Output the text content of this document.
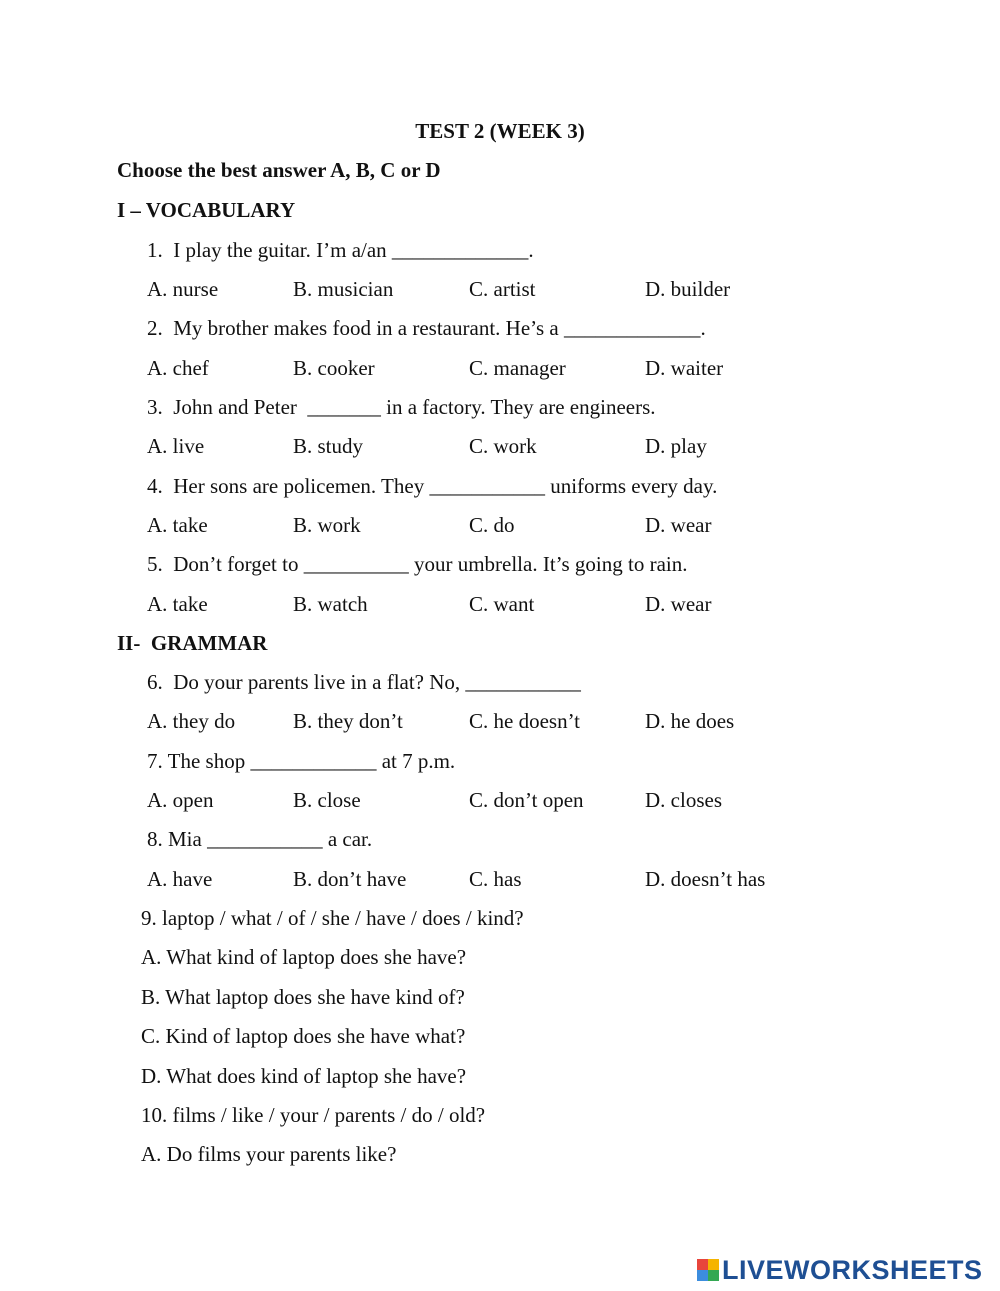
TEST 2 (WEEK 3)
Choose the best answer A, B, C or D
I – VOCABULARY
1.  I play the guitar. I’m a/an _____________.
A. nurse	B. musician	C. artist	D. builder
2.  My brother makes food in a restaurant. He’s a _____________.
A. chef	B. cooker	C. manager	D. waiter
3.  John and Peter  _______ in a factory. They are engineers.
A. live	B. study	C. work	D. play
4.  Her sons are policemen. They ___________ uniforms every day.
A. take	B. work	C. do	D. wear
5.  Don’t forget to __________ your umbrella. It’s going to rain.
A. take	B. watch	C. want	D. wear
II-  GRAMMAR
6.  Do your parents live in a flat? No, ___________
A. they do	B. they don’t	C. he doesn’t	D. he does
7. The shop ____________ at 7 p.m.
A. open	B. close	C. don’t open	D. closes
8. Mia ___________ a car.
A. have	B. don’t have	C. has	D. doesn’t has
9. laptop / what / of / she / have / does / kind?
A. What kind of laptop does she have?
B. What laptop does she have kind of?
C. Kind of laptop does she have what?
D. What does kind of laptop she have?
10. films / like / your / parents / do / old?
A. Do films your parents like?
LIVEWORKSHEETS
